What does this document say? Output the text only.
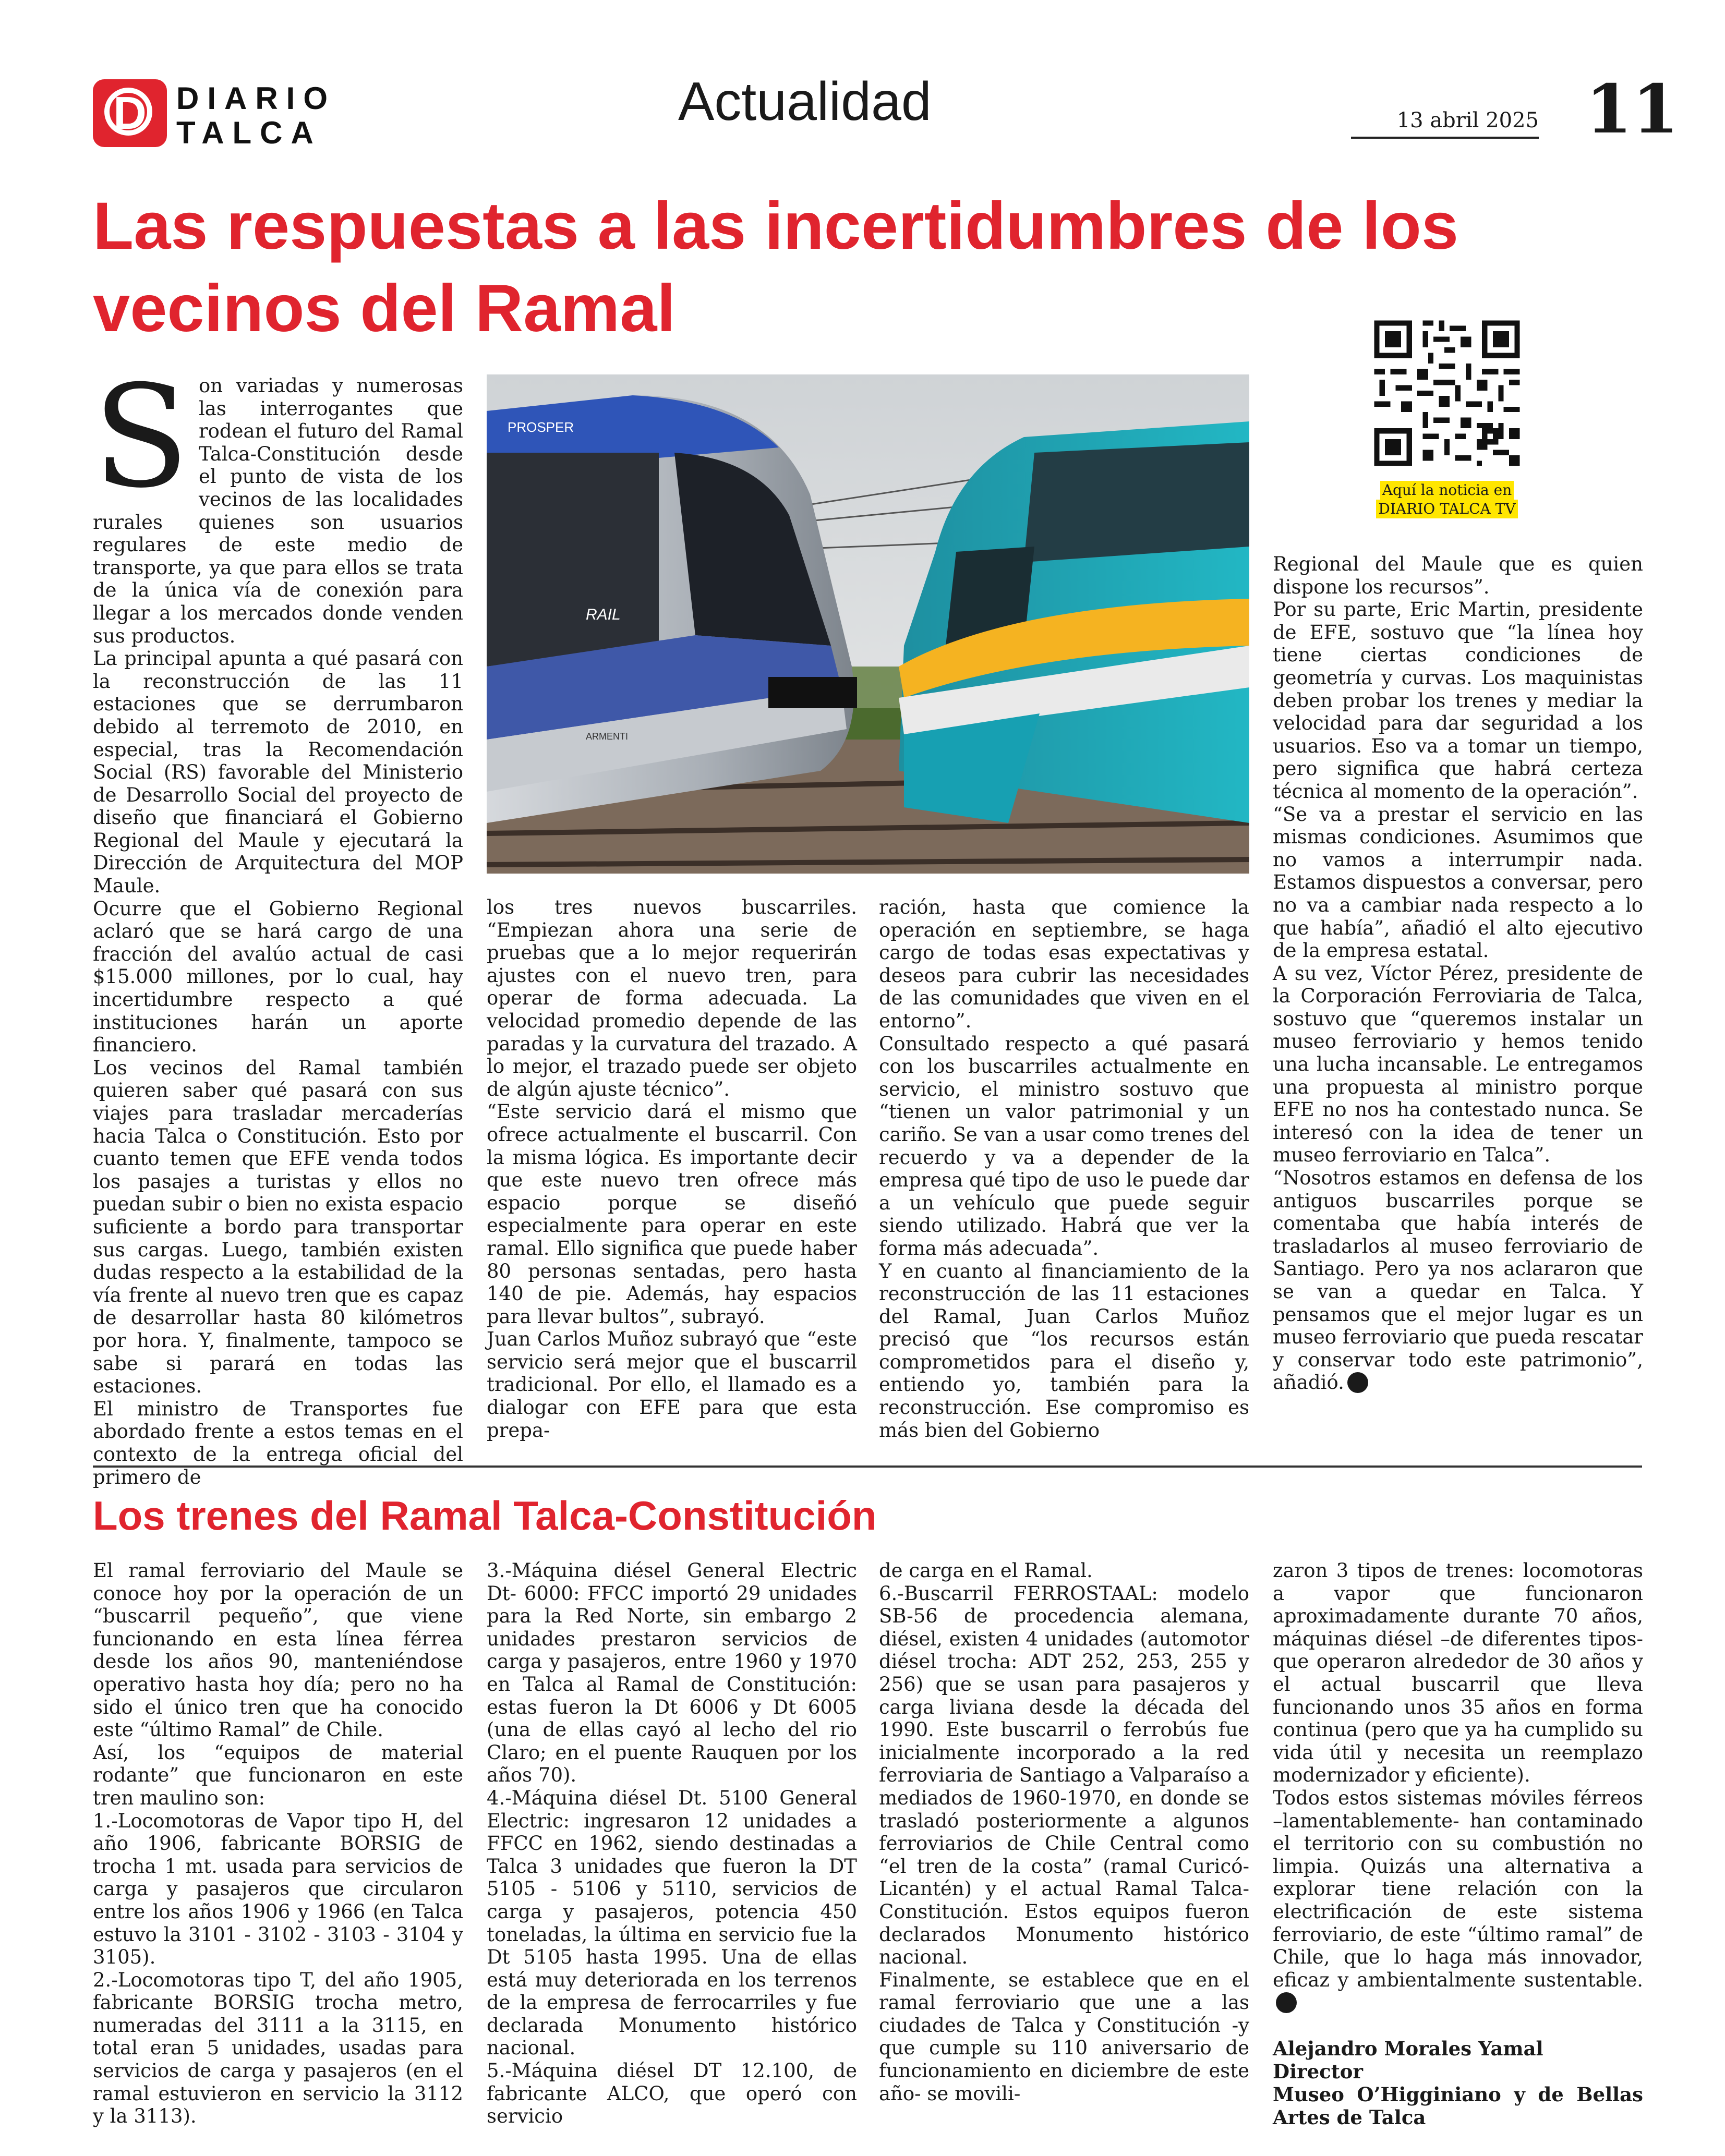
D DIARIO
TALCA
Actualidad	13 abril 2025 11
Las respuestas a las incertidumbres de los vecinos del Ramal
Aquí la noticia en
DIARIO TALCA TV
PROSPER
RAIL
ARMENTI
S on variadas y numerosas las interrogantes que rodean el futuro del Ramal Talca-Constitución desde el punto de vista de los vecinos de las localidades rurales quienes son usuarios regulares de este medio de transporte, ya que para ellos se trata de la única vía de conexión para llegar a los mercados donde venden sus productos.

La principal apunta a qué pasará con la reconstrucción de las 11 estaciones que se derrumbaron debido al terremoto de 2010, en especial, tras la Recomendación Social (RS) favorable del Ministerio de Desarrollo Social del proyecto de diseño que financiará el Gobierno Regional del Maule y ejecutará la Dirección de Arquitectura del MOP Maule.

Ocurre que el Gobierno Regional aclaró que se hará cargo de una fracción del avalúo actual de casi $15.000 millones, por lo cual, hay incertidumbre respecto a qué instituciones harán un aporte financiero.

Los vecinos del Ramal también quieren saber qué pasará con sus viajes para trasladar mercaderías hacia Talca o Constitución. Esto por cuanto temen que EFE venda todos los pasajes a turistas y ellos no puedan subir o bien no exista espacio suficiente a bordo para transportar sus cargas. Luego, también existen dudas respecto a la estabilidad de la vía frente al nuevo tren que es capaz de desarrollar hasta 80 kilómetros por hora. Y, finalmente, tampoco se sabe si parará en todas las estaciones.

El ministro de Transportes fue abordado frente a estos temas en el contexto de la entrega oficial del primero de

los tres nuevos buscarriles. “Empiezan ahora una serie de pruebas que a lo mejor requerirán ajustes con el nuevo tren, para operar de forma adecuada. La velocidad promedio depende de las paradas y la curvatura del trazado. A lo mejor, el trazado puede ser objeto de algún ajuste técnico”.

“Este servicio dará el mismo que ofrece actualmente el buscarril. Con la misma lógica. Es importante decir que este nuevo tren ofrece más espacio porque se diseñó especialmente para operar en este ramal. Ello significa que puede haber 80 personas sentadas, pero hasta 140 de pie. Además, hay espacios para llevar bultos”, subrayó.

Juan Carlos Muñoz subrayó que “este servicio será mejor que el buscarril tradicional. Por ello, el llamado es a dialogar con EFE para que esta prepa-

ración, hasta que comience la operación en septiembre, se haga cargo de todas esas expectativas y deseos para cubrir las necesidades de las comunidades que viven en el entorno”.

Consultado respecto a qué pasará con los buscarriles actualmente en servicio, el ministro sostuvo que “tienen un valor patrimonial y un cariño. Se van a usar como trenes del recuerdo y va a depender de la empresa qué tipo de uso le puede dar a un vehículo que puede seguir siendo utilizado. Habrá que ver la forma más adecuada”.

Y en cuanto al financiamiento de la reconstrucción de las 11 estaciones del Ramal, Juan Carlos Muñoz precisó que “los recursos están comprometidos para el diseño y, entiendo yo, también para la reconstrucción. Ese compromiso es más bien del Gobierno

Regional del Maule que es quien dispone los recursos”.

Por su parte, Eric Martin, presidente de EFE, sostuvo que “la línea hoy tiene ciertas condiciones de geometría y curvas. Los maquinistas deben probar los trenes y mediar la velocidad para dar seguridad a los usuarios. Eso va a tomar un tiempo, pero significa que habrá certeza técnica al momento de la operación”.

“Se va a prestar el servicio en las mismas condiciones. Asumimos que no vamos a interrumpir nada. Estamos dispuestos a conversar, pero no va a cambiar nada respecto a lo que había”, añadió el alto ejecutivo de la empresa estatal.

A su vez, Víctor Pérez, presidente de la Corporación Ferroviaria de Talca, sostuvo que “queremos instalar un museo ferroviario y hemos tenido una lucha incansable. Le entregamos una propuesta al ministro porque EFE no nos ha contestado nunca. Se interesó con la idea de tener un museo ferroviario en Talca”.

“Nosotros estamos en defensa de los antiguos buscarriles porque se comentaba que había interés de trasladarlos al museo ferroviario de Santiago. Pero ya nos aclararon que se van a quedar en Talca. Y pensamos que el mejor lugar es un museo ferroviario que pueda rescatar y conservar todo este patrimonio”, añadió.

Los trenes del Ramal Talca-Constitución

El ramal ferroviario del Maule se conoce hoy por la operación de un “buscarril pequeño”, que viene funcionando en esta línea férrea desde los años 90, manteniéndose operativo hasta hoy día; pero no ha sido el único tren que ha conocido este “último Ramal” de Chile.

Así, los “equipos de material rodante” que funcionaron en este tren maulino son:

1.-Locomotoras de Vapor tipo H, del año 1906, fabricante BORSIG de trocha 1 mt. usada para servicios de carga y pasajeros que circularon entre los años 1906 y 1966 (en Talca estuvo la 3101 - 3102 - 3103 - 3104 y 3105).

2.-Locomotoras tipo T, del año 1905, fabricante BORSIG trocha metro, numeradas del 3111 a la 3115, en total eran 5 unidades, usadas para servicios de carga y pasajeros (en el ramal estuvieron en servicio la 3112 y la 3113).

3.-Máquina diésel General Electric Dt- 6000: FFCC importó 29 unidades para la Red Norte, sin embargo 2 unidades prestaron servicios de carga y pasajeros, entre 1960 y 1970 en Talca al Ramal de Constitución: estas fueron la Dt 6006 y Dt 6005 (una de ellas cayó al lecho del rio Claro; en el puente Rauquen por los años 70).

4.-Máquina diésel Dt. 5100 General Electric: ingresaron 12 unidades a FFCC en 1962, siendo destinadas a Talca 3 unidades que fueron la DT 5105 - 5106 y 5110, servicios de carga y pasajeros, potencia 450 toneladas, la última en servicio fue la Dt 5105 hasta 1995. Una de ellas está muy deteriorada en los terrenos de la empresa de ferrocarriles y fue declarada Monumento histórico nacional.

5.-Máquina diésel DT 12.100, de fabricante ALCO, que operó con servicio

de carga en el Ramal.

6.-Buscarril FERROSTAAL: modelo SB-56 de procedencia alemana, diésel, existen 4 unidades (automotor diésel trocha: ADT 252, 253, 255 y 256) que se usan para pasajeros y carga liviana desde la década del 1990. Este buscarril o ferrobús fue inicialmente incorporado a la red ferroviaria de Santiago a Valparaíso a mediados de 1960-1970, en donde se trasladó posteriormente a algunos ferroviarios de Chile Central como “el tren de la costa” (ramal Curicó-Licantén) y el actual Ramal Talca-Constitución. Estos equipos fueron declarados Monumento histórico nacional.

Finalmente, se establece que en el ramal ferroviario que une a las ciudades de Talca y Constitución -y que cumple su 110 aniversario de funcionamiento en diciembre de este año- se movili-

zaron 3 tipos de trenes: locomotoras a vapor que funcionaron aproximadamente durante 70 años, máquinas diésel –de diferentes tipos- que operaron alrededor de 30 años y el actual buscarril que lleva funcionando unos 35 años en forma continua (pero que ya ha cumplido su vida útil y necesita un reemplazo modernizador y eficiente).

Todos estos sistemas móviles férreos –lamentablemente- han contaminado el territorio con su combustión no limpia. Quizás una alternativa a explorar tiene relación con la electrificación de este sistema ferroviario, de este “último ramal” de Chile, que lo haga más innovador, eficaz y ambientalmente sustentable.

Alejandro Morales Yamal

Director

Museo O’Higginiano y de Bellas Artes de Talca
